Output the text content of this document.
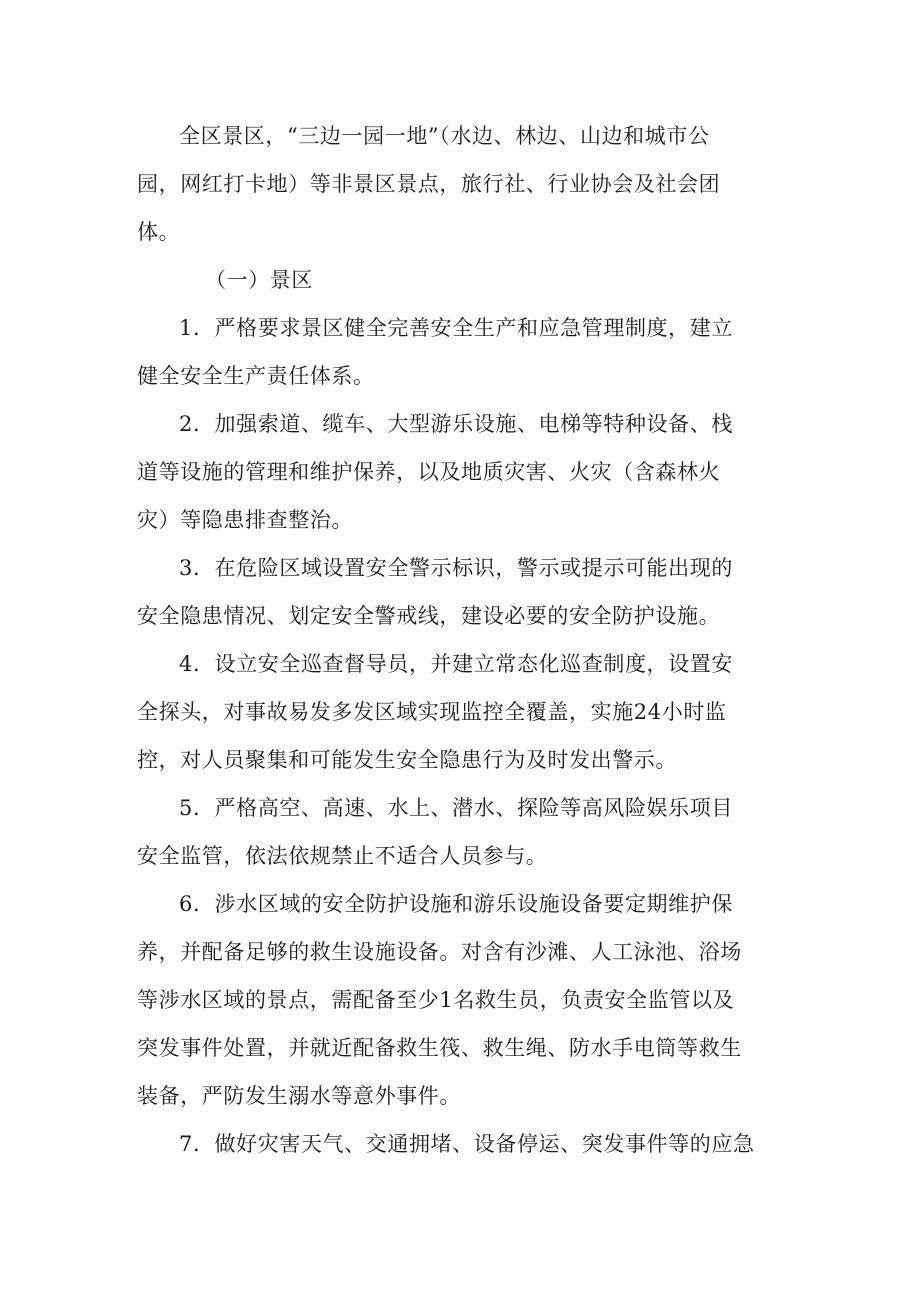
全区景区，“三边一园一地”（水边、林边、山边和城市公
园，网红打卡地）等非景区景点，旅行社、行业协会及社会团
体。
（一）景区
1．严格要求景区健全完善安全生产和应急管理制度，建立
健全安全生产责任体系。
2．加强索道、缆车、大型游乐设施、电梯等特种设备、栈
道等设施的管理和维护保养，以及地质灾害、火灾（含森林火
灾）等隐患排查整治。
3．在危险区域设置安全警示标识，警示或提示可能出现的
安全隐患情况、划定安全警戒线，建设必要的安全防护设施。
4．设立安全巡查督导员，并建立常态化巡查制度，设置安
全探头，对事故易发多发区域实现监控全覆盖，实施24小时监
控，对人员聚集和可能发生安全隐患行为及时发出警示。
5．严格高空、高速、水上、潜水、探险等高风险娱乐项目
安全监管，依法依规禁止不适合人员参与。
6．涉水区域的安全防护设施和游乐设施设备要定期维护保
养，并配备足够的救生设施设备。对含有沙滩、人工泳池、浴场
等涉水区域的景点，需配备至少1名救生员，负责安全监管以及
突发事件处置，并就近配备救生筏、救生绳、防水手电筒等救生
装备，严防发生溺水等意外事件。
7．做好灾害天气、交通拥堵、设备停运、突发事件等的应急
